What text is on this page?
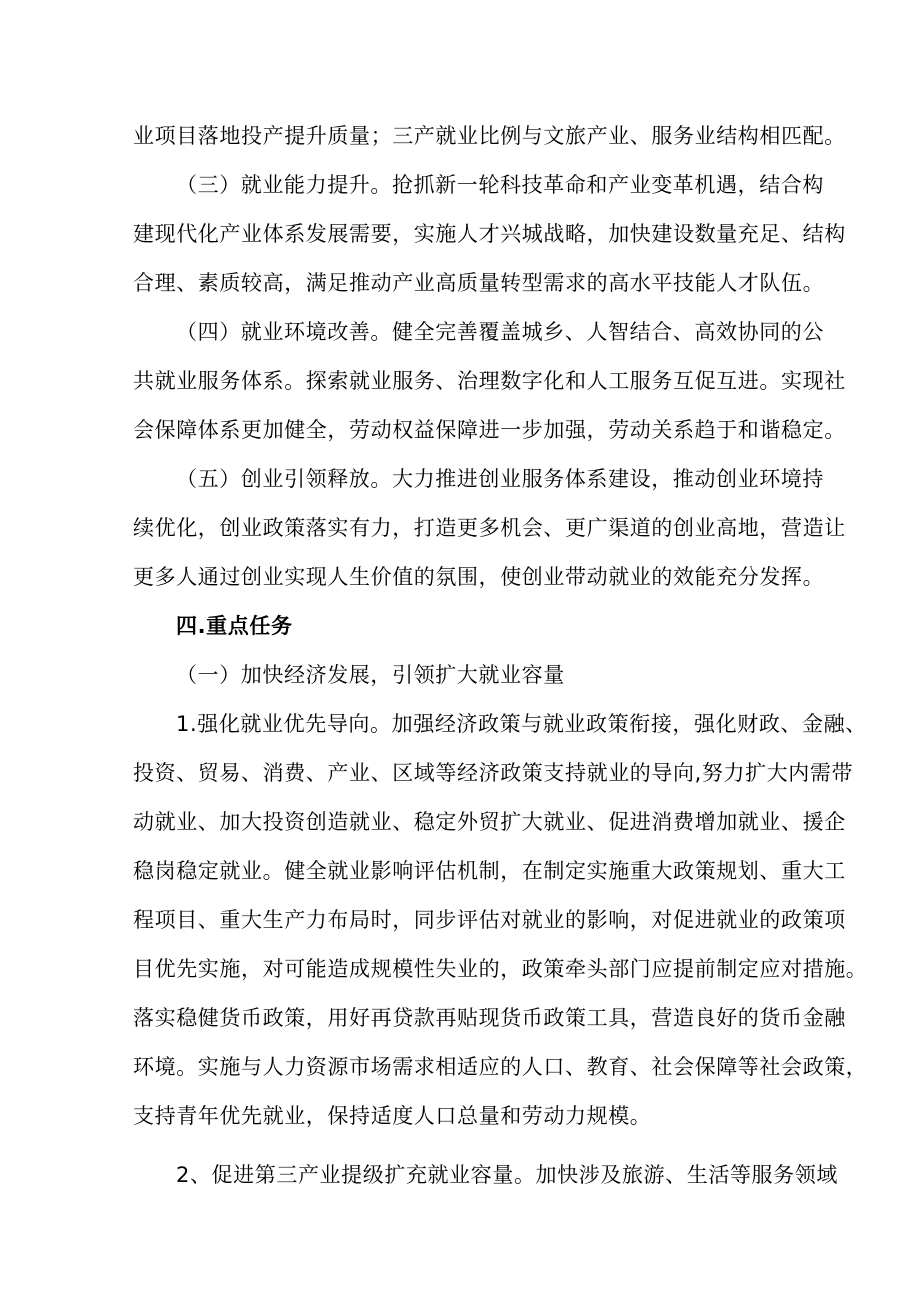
业项目落地投产提升质量；三产就业比例与文旅产业、服务业结构相匹配。
（三）就业能力提升。抢抓新一轮科技革命和产业变革机遇，结合构
建现代化产业体系发展需要，实施人才兴城战略，加快建设数量充足、结构
合理、素质较高，满足推动产业高质量转型需求的高水平技能人才队伍。
（四）就业环境改善。健全完善覆盖城乡、人智结合、高效协同的公
共就业服务体系。探索就业服务、治理数字化和人工服务互促互进。实现社
会保障体系更加健全，劳动权益保障进一步加强，劳动关系趋于和谐稳定。
（五）创业引领释放。大力推进创业服务体系建设，推动创业环境持
续优化，创业政策落实有力，打造更多机会、更广渠道的创业高地，营造让
更多人通过创业实现人生价值的氛围，使创业带动就业的效能充分发挥。
四.重点任务
（一）加快经济发展，引领扩大就业容量
1.强化就业优先导向。加强经济政策与就业政策衔接，强化财政、金融、
投资、贸易、消费、产业、区域等经济政策支持就业的导向,努力扩大内需带
动就业、加大投资创造就业、稳定外贸扩大就业、促进消费增加就业、援企
稳岗稳定就业。健全就业影响评估机制，在制定实施重大政策规划、重大工
程项目、重大生产力布局时，同步评估对就业的影响，对促进就业的政策项
目优先实施，对可能造成规模性失业的，政策牵头部门应提前制定应对措施。
落实稳健货币政策，用好再贷款再贴现货币政策工具，营造良好的货币金融
环境。实施与人力资源市场需求相适应的人口、教育、社会保障等社会政策，
支持青年优先就业，保持适度人口总量和劳动力规模。
2、促进第三产业提级扩充就业容量。加快涉及旅游、生活等服务领域
